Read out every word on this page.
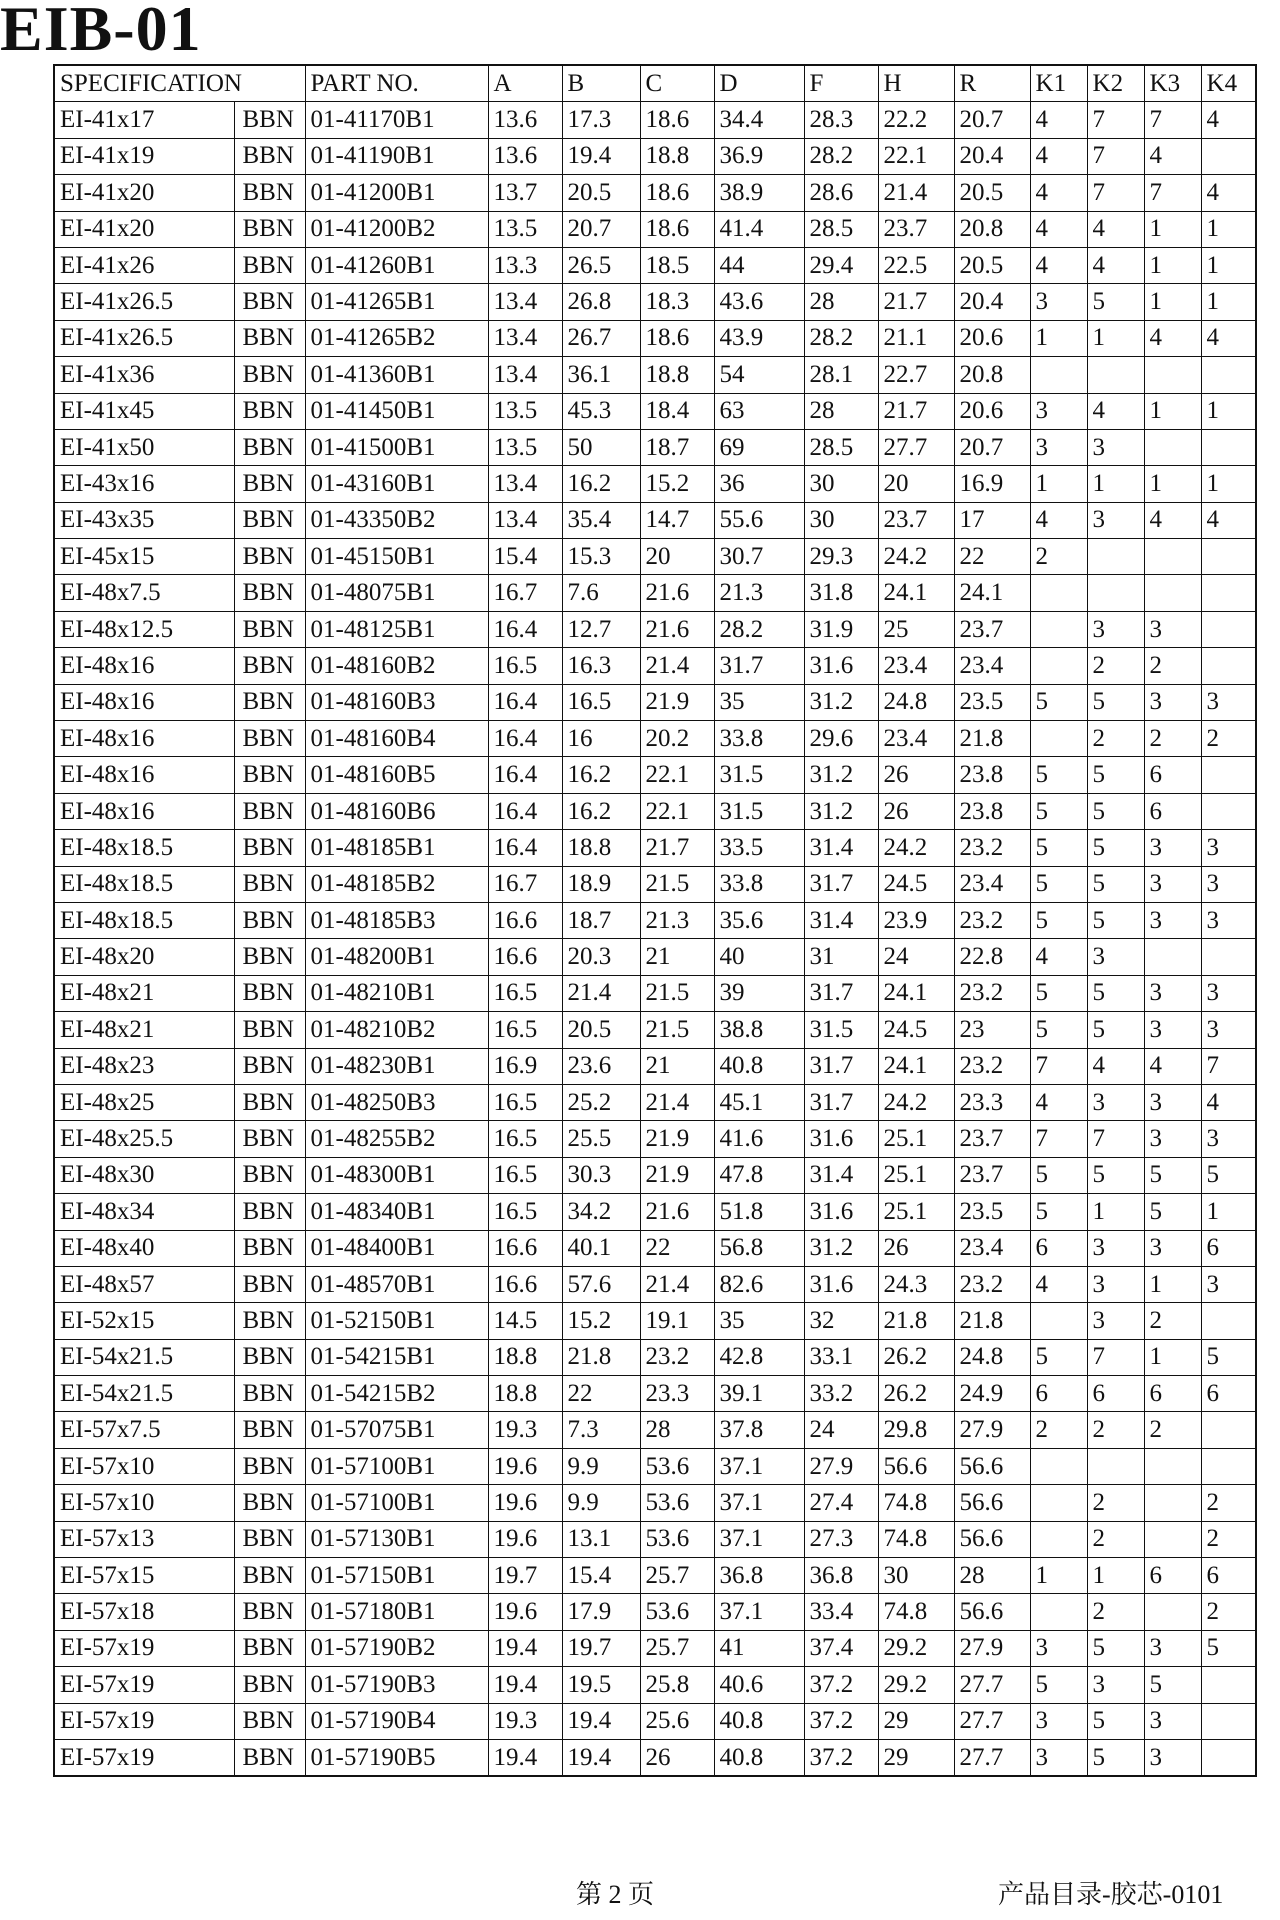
EIB-01
SPECIFICATION		PART NO.	A	B	C	D	F	H	R	K1	K2	K3	K4
EI-41x17	BBN	01-41170B1	13.6	17.3	18.6	34.4	28.3	22.2	20.7	4	7	7	4
EI-41x19	BBN	01-41190B1	13.6	19.4	18.8	36.9	28.2	22.1	20.4	4	7	4	
EI-41x20	BBN	01-41200B1	13.7	20.5	18.6	38.9	28.6	21.4	20.5	4	7	7	4
EI-41x20	BBN	01-41200B2	13.5	20.7	18.6	41.4	28.5	23.7	20.8	4	4	1	1
EI-41x26	BBN	01-41260B1	13.3	26.5	18.5	44	29.4	22.5	20.5	4	4	1	1
EI-41x26.5	BBN	01-41265B1	13.4	26.8	18.3	43.6	28	21.7	20.4	3	5	1	1
EI-41x26.5	BBN	01-41265B2	13.4	26.7	18.6	43.9	28.2	21.1	20.6	1	1	4	4
EI-41x36	BBN	01-41360B1	13.4	36.1	18.8	54	28.1	22.7	20.8				
EI-41x45	BBN	01-41450B1	13.5	45.3	18.4	63	28	21.7	20.6	3	4	1	1
EI-41x50	BBN	01-41500B1	13.5	50	18.7	69	28.5	27.7	20.7	3	3		
EI-43x16	BBN	01-43160B1	13.4	16.2	15.2	36	30	20	16.9	1	1	1	1
EI-43x35	BBN	01-43350B2	13.4	35.4	14.7	55.6	30	23.7	17	4	3	4	4
EI-45x15	BBN	01-45150B1	15.4	15.3	20	30.7	29.3	24.2	22	2			
EI-48x7.5	BBN	01-48075B1	16.7	7.6	21.6	21.3	31.8	24.1	24.1				
EI-48x12.5	BBN	01-48125B1	16.4	12.7	21.6	28.2	31.9	25	23.7		3	3	
EI-48x16	BBN	01-48160B2	16.5	16.3	21.4	31.7	31.6	23.4	23.4		2	2	
EI-48x16	BBN	01-48160B3	16.4	16.5	21.9	35	31.2	24.8	23.5	5	5	3	3
EI-48x16	BBN	01-48160B4	16.4	16	20.2	33.8	29.6	23.4	21.8		2	2	2
EI-48x16	BBN	01-48160B5	16.4	16.2	22.1	31.5	31.2	26	23.8	5	5	6	
EI-48x16	BBN	01-48160B6	16.4	16.2	22.1	31.5	31.2	26	23.8	5	5	6	
EI-48x18.5	BBN	01-48185B1	16.4	18.8	21.7	33.5	31.4	24.2	23.2	5	5	3	3
EI-48x18.5	BBN	01-48185B2	16.7	18.9	21.5	33.8	31.7	24.5	23.4	5	5	3	3
EI-48x18.5	BBN	01-48185B3	16.6	18.7	21.3	35.6	31.4	23.9	23.2	5	5	3	3
EI-48x20	BBN	01-48200B1	16.6	20.3	21	40	31	24	22.8	4	3		
EI-48x21	BBN	01-48210B1	16.5	21.4	21.5	39	31.7	24.1	23.2	5	5	3	3
EI-48x21	BBN	01-48210B2	16.5	20.5	21.5	38.8	31.5	24.5	23	5	5	3	3
EI-48x23	BBN	01-48230B1	16.9	23.6	21	40.8	31.7	24.1	23.2	7	4	4	7
EI-48x25	BBN	01-48250B3	16.5	25.2	21.4	45.1	31.7	24.2	23.3	4	3	3	4
EI-48x25.5	BBN	01-48255B2	16.5	25.5	21.9	41.6	31.6	25.1	23.7	7	7	3	3
EI-48x30	BBN	01-48300B1	16.5	30.3	21.9	47.8	31.4	25.1	23.7	5	5	5	5
EI-48x34	BBN	01-48340B1	16.5	34.2	21.6	51.8	31.6	25.1	23.5	5	1	5	1
EI-48x40	BBN	01-48400B1	16.6	40.1	22	56.8	31.2	26	23.4	6	3	3	6
EI-48x57	BBN	01-48570B1	16.6	57.6	21.4	82.6	31.6	24.3	23.2	4	3	1	3
EI-52x15	BBN	01-52150B1	14.5	15.2	19.1	35	32	21.8	21.8		3	2	
EI-54x21.5	BBN	01-54215B1	18.8	21.8	23.2	42.8	33.1	26.2	24.8	5	7	1	5
EI-54x21.5	BBN	01-54215B2	18.8	22	23.3	39.1	33.2	26.2	24.9	6	6	6	6
EI-57x7.5	BBN	01-57075B1	19.3	7.3	28	37.8	24	29.8	27.9	2	2	2	
EI-57x10	BBN	01-57100B1	19.6	9.9	53.6	37.1	27.9	56.6	56.6				
EI-57x10	BBN	01-57100B1	19.6	9.9	53.6	37.1	27.4	74.8	56.6		2		2
EI-57x13	BBN	01-57130B1	19.6	13.1	53.6	37.1	27.3	74.8	56.6		2		2
EI-57x15	BBN	01-57150B1	19.7	15.4	25.7	36.8	36.8	30	28	1	1	6	6
EI-57x18	BBN	01-57180B1	19.6	17.9	53.6	37.1	33.4	74.8	56.6		2		2
EI-57x19	BBN	01-57190B2	19.4	19.7	25.7	41	37.4	29.2	27.9	3	5	3	5
EI-57x19	BBN	01-57190B3	19.4	19.5	25.8	40.6	37.2	29.2	27.7	5	3	5	
EI-57x19	BBN	01-57190B4	19.3	19.4	25.6	40.8	37.2	29	27.7	3	5	3	
EI-57x19	BBN	01-57190B5	19.4	19.4	26	40.8	37.2	29	27.7	3	5	3	
第 2 页	产品目录-胶芯-0101
